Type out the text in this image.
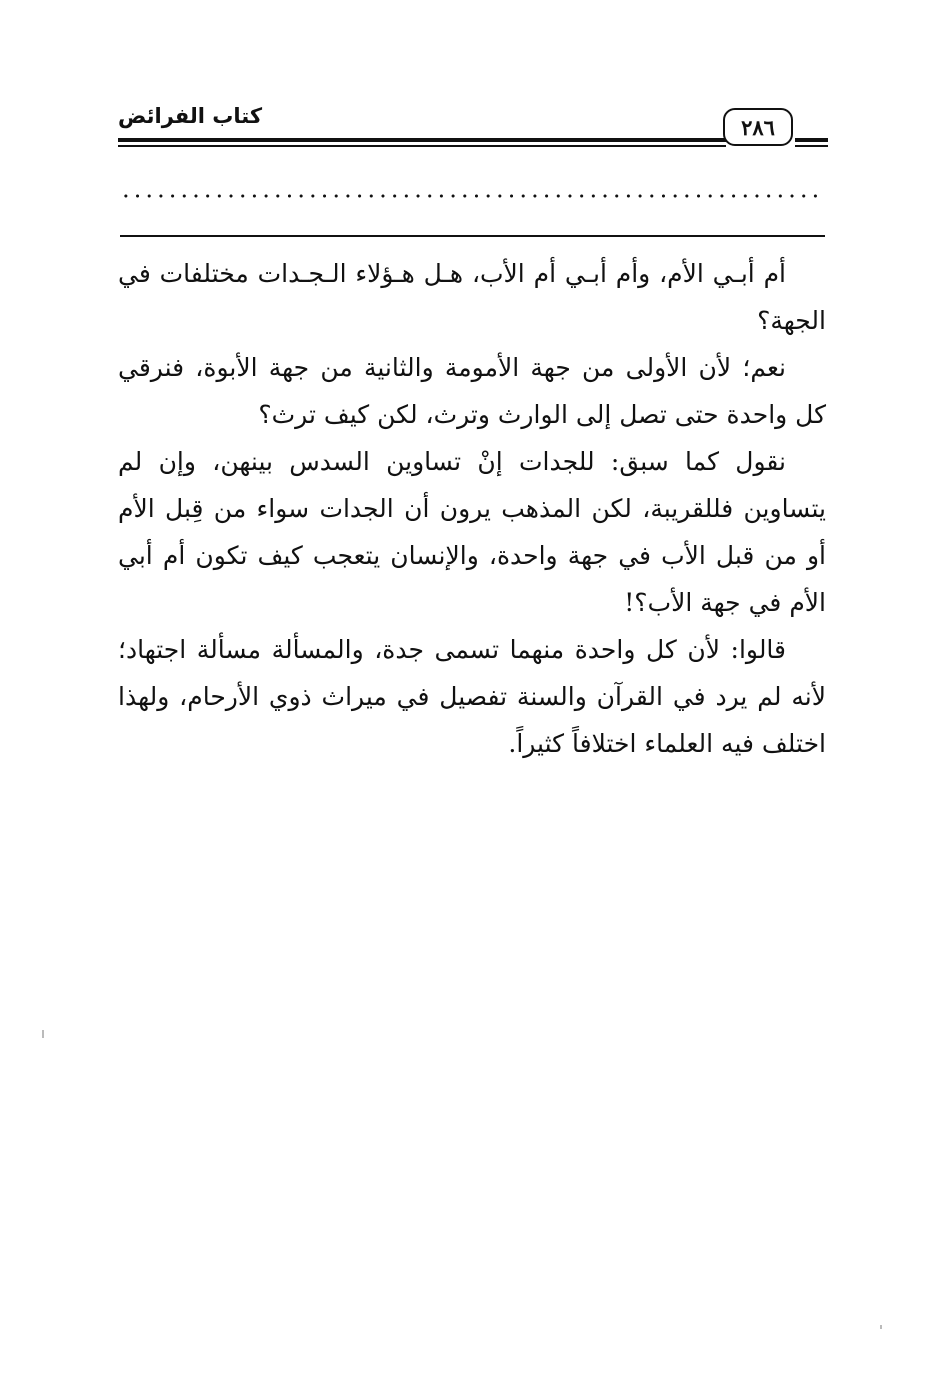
كتاب الفرائض	٢٨٦

أم أبـي الأم، وأم أبـي أم الأب، هـل هـؤلاء الـجـدات مختلفات في الجهة؟

نعم؛ لأن الأولى من جهة الأمومة والثانية من جهة الأبوة، فنرقي كل واحدة حتى تصل إلى الوارث وترث، لكن كيف ترث؟

نقول كما سبق: للجدات إنْ تساوين السدس بينهن، وإن لم يتساوين فللقريبة، لكن المذهب يرون أن الجدات سواء من قِبل الأم أو من قبل الأب في جهة واحدة، والإنسان يتعجب كيف تكون أم أبي الأم في جهة الأب؟!

قالوا: لأن كل واحدة منهما تسمى جدة، والمسألة مسألة اجتهاد؛ لأنه لم يرد في القرآن والسنة تفصيل في ميراث ذوي الأرحام، ولهذا اختلف فيه العلماء اختلافاً كثيراً.
